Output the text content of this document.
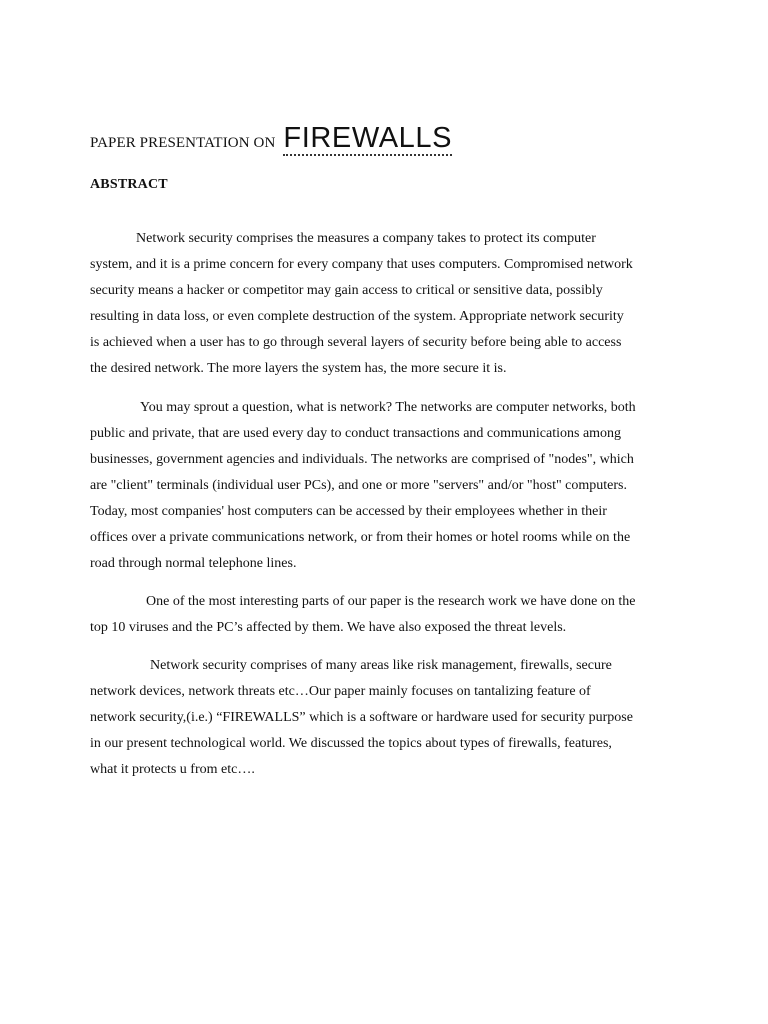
PAPER PRESENTATION ON FIREWALLS
ABSTRACT
Network security comprises the measures a company takes to protect its computer
system, and it is a prime concern for every company that uses computers. Compromised network
security means a hacker or competitor may gain access to critical or sensitive data, possibly
resulting in data loss, or even complete destruction of the system. Appropriate network security
is achieved when a user has to go through several layers of security before being able to access
the desired network. The more layers the system has, the more secure it is.
You may sprout a question, what is network? The networks are computer networks, both
public and private, that are used every day to conduct transactions and communications among
businesses, government agencies and individuals. The networks are comprised of "nodes", which
are "client" terminals (individual user PCs), and one or more "servers" and/or "host" computers.
Today, most companies' host computers can be accessed by their employees whether in their
offices over a private communications network, or from their homes or hotel rooms while on the
road through normal telephone lines.
One of the most interesting parts of our paper is the research work we have done on the
top 10 viruses and the PC’s affected by them. We have also exposed the threat levels.
Network security comprises of many areas like risk management, firewalls, secure
network devices, network threats etc…Our paper mainly focuses on tantalizing feature of
network security,(i.e.) “FIREWALLS” which is a software or hardware used for security purpose
in our present technological world. We discussed the topics about types of firewalls, features,
what it protects u from etc….
